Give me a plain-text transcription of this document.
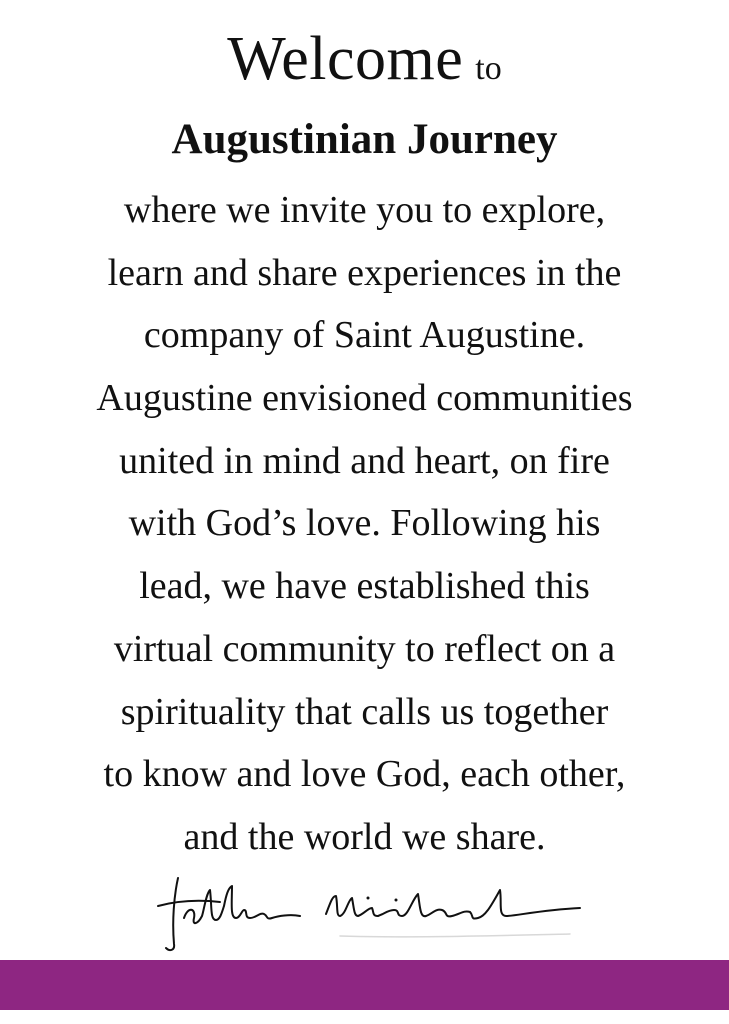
Welcome to
Augustinian Journey
where we invite you to explore,
learn and share experiences in the
company of Saint Augustine.
Augustine envisioned communities
united in mind and heart, on fire
with God’s love. Following his
lead, we have established this
virtual community to reflect on a
spirituality that calls us together
to know and love God, each other,
and the world we share.
